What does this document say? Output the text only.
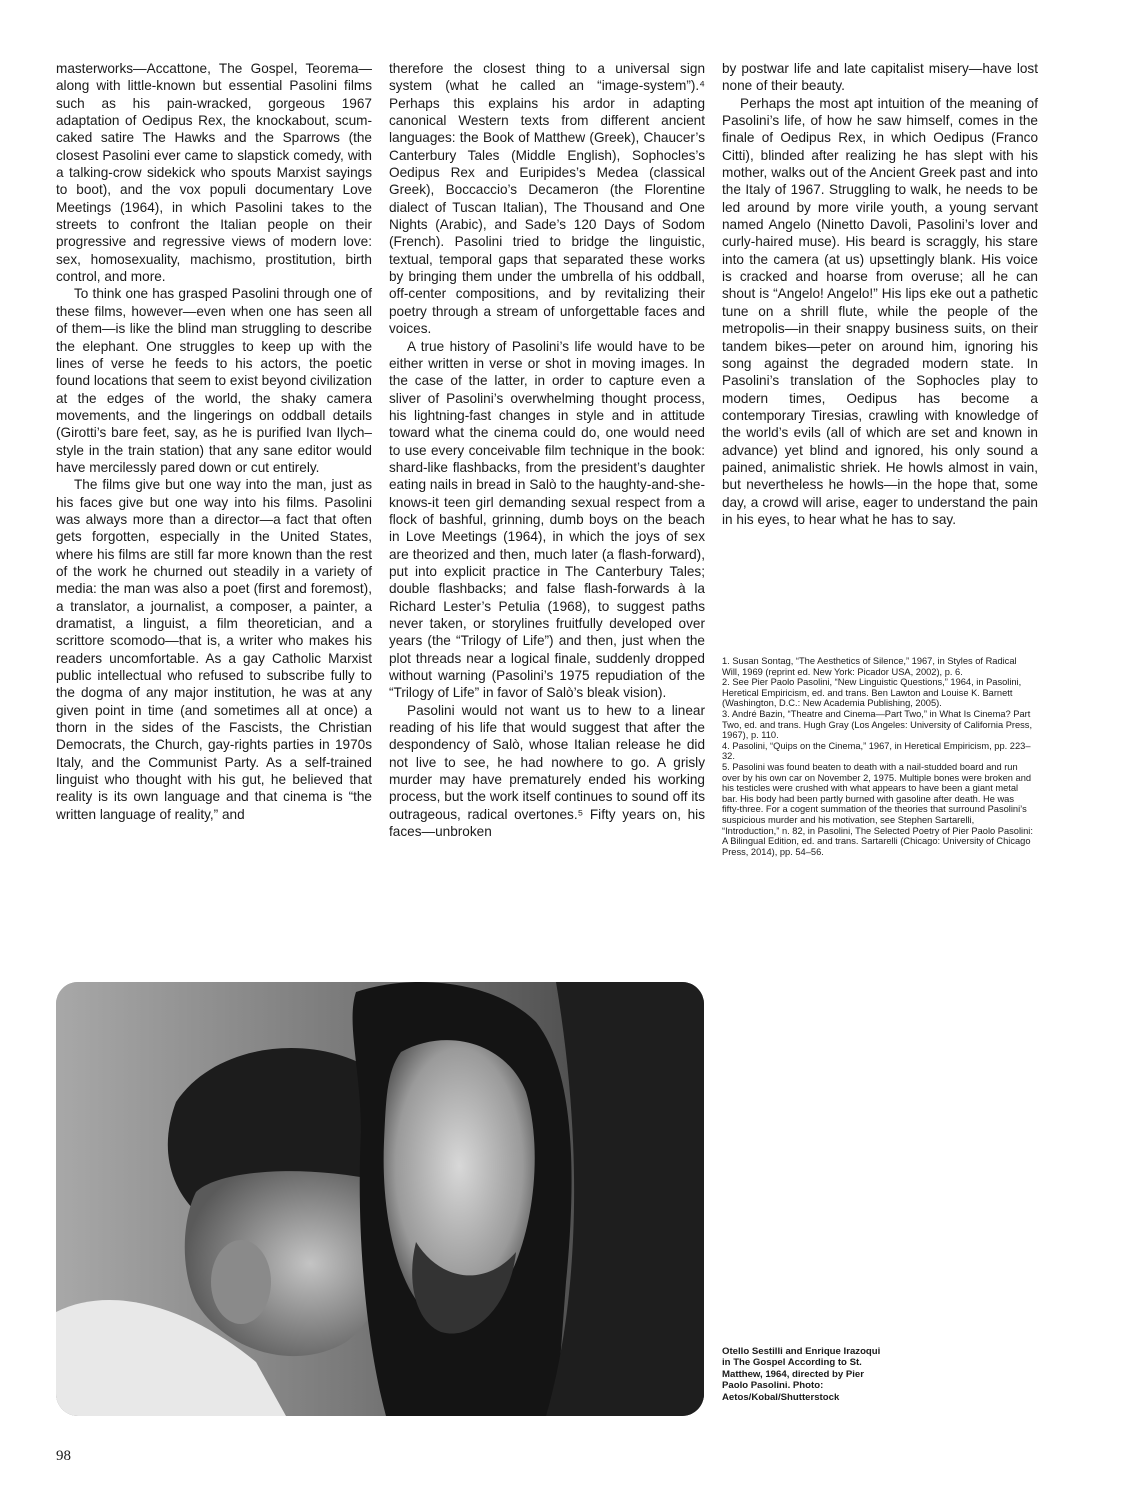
masterworks—Accattone, The Gospel, Teorema—along with little-known but essential Pasolini films such as his pain-wracked, gorgeous 1967 adaptation of Oedipus Rex, the knockabout, scum-caked satire The Hawks and the Sparrows (the closest Pasolini ever came to slapstick comedy, with a talking-crow sidekick who spouts Marxist sayings to boot), and the vox populi documentary Love Meetings (1964), in which Pasolini takes to the streets to confront the Italian people on their progressive and regressive views of modern love: sex, homosexuality, machismo, prostitution, birth control, and more.

To think one has grasped Pasolini through one of these films, however—even when one has seen all of them—is like the blind man struggling to describe the elephant. One struggles to keep up with the lines of verse he feeds to his actors, the poetic found locations that seem to exist beyond civilization at the edges of the world, the shaky camera movements, and the lingerings on oddball details (Girotti’s bare feet, say, as he is purified Ivan Ilych–style in the train station) that any sane editor would have mercilessly pared down or cut entirely.

The films give but one way into the man, just as his faces give but one way into his films. Pasolini was always more than a director—a fact that often gets forgotten, especially in the United States, where his films are still far more known than the rest of the work he churned out steadily in a variety of media: the man was also a poet (first and foremost), a translator, a journalist, a composer, a painter, a dramatist, a linguist, a film theoretician, and a scrittore scomodo—that is, a writer who makes his readers uncomfortable. As a gay Catholic Marxist public intellectual who refused to subscribe fully to the dogma of any major institution, he was at any given point in time (and sometimes all at once) a thorn in the sides of the Fascists, the Christian Democrats, the Church, gay-rights parties in 1970s Italy, and the Communist Party. As a self-trained linguist who thought with his gut, he believed that reality is its own language and that cinema is “the written language of reality,” and

therefore the closest thing to a universal sign system (what he called an “image-system”).⁴ Perhaps this explains his ardor in adapting canonical Western texts from different ancient languages: the Book of Matthew (Greek), Chaucer’s Canterbury Tales (Middle English), Sophocles’s Oedipus Rex and Euripides’s Medea (classical Greek), Boccaccio’s Decameron (the Florentine dialect of Tuscan Italian), The Thousand and One Nights (Arabic), and Sade’s 120 Days of Sodom (French). Pasolini tried to bridge the linguistic, textual, temporal gaps that separated these works by bringing them under the umbrella of his oddball, off-center compositions, and by revitalizing their poetry through a stream of unforgettable faces and voices.

A true history of Pasolini’s life would have to be either written in verse or shot in moving images. In the case of the latter, in order to capture even a sliver of Pasolini’s overwhelming thought process, his lightning-fast changes in style and in attitude toward what the cinema could do, one would need to use every conceivable film technique in the book: shard-like flashbacks, from the president’s daughter eating nails in bread in Salò to the haughty-and-she-knows-it teen girl demanding sexual respect from a flock of bashful, grinning, dumb boys on the beach in Love Meetings (1964), in which the joys of sex are theorized and then, much later (a flash-forward), put into explicit practice in The Canterbury Tales; double flashbacks; and false flash-forwards à la Richard Lester’s Petulia (1968), to suggest paths never taken, or storylines fruitfully developed over years (the “Trilogy of Life”) and then, just when the plot threads near a logical finale, suddenly dropped without warning (Pasolini’s 1975 repudiation of the “Trilogy of Life” in favor of Salò’s bleak vision).

Pasolini would not want us to hew to a linear reading of his life that would suggest that after the despondency of Salò, whose Italian release he did not live to see, he had nowhere to go. A grisly murder may have prematurely ended his working process, but the work itself continues to sound off its outrageous, radical overtones.⁵ Fifty years on, his faces—unbroken

by postwar life and late capitalist misery—have lost none of their beauty.

Perhaps the most apt intuition of the meaning of Pasolini’s life, of how he saw himself, comes in the finale of Oedipus Rex, in which Oedipus (Franco Citti), blinded after realizing he has slept with his mother, walks out of the Ancient Greek past and into the Italy of 1967. Struggling to walk, he needs to be led around by more virile youth, a young servant named Angelo (Ninetto Davoli, Pasolini’s lover and curly-haired muse). His beard is scraggly, his stare into the camera (at us) upsettingly blank. His voice is cracked and hoarse from overuse; all he can shout is “Angelo! Angelo!” His lips eke out a pathetic tune on a shrill flute, while the people of the metropolis—in their snappy business suits, on their tandem bikes—peter on around him, ignoring his song against the degraded modern state. In Pasolini’s translation of the Sophocles play to modern times, Oedipus has become a contemporary Tiresias, crawling with knowledge of the world’s evils (all of which are set and known in advance) yet blind and ignored, his only sound a pained, animalistic shriek. He howls almost in vain, but nevertheless he howls—in the hope that, some day, a crowd will arise, eager to understand the pain in his eyes, to hear what he has to say.

1. Susan Sontag, “The Aesthetics of Silence,” 1967, in Styles of Radical Will, 1969 (reprint ed. New York: Picador USA, 2002), p. 6.

2. See Pier Paolo Pasolini, “New Linguistic Questions,” 1964, in Pasolini, Heretical Empiricism, ed. and trans. Ben Lawton and Louise K. Barnett (Washington, D.C.: New Academia Publishing, 2005).

3. André Bazin, “Theatre and Cinema—Part Two,” in What Is Cinema? Part Two, ed. and trans. Hugh Gray (Los Angeles: University of California Press, 1967), p. 110.

4. Pasolini, “Quips on the Cinema,” 1967, in Heretical Empiricism, pp. 223–32.

5. Pasolini was found beaten to death with a nail-studded board and run over by his own car on November 2, 1975. Multiple bones were broken and his testicles were crushed with what appears to have been a giant metal bar. His body had been partly burned with gasoline after death. He was fifty-three. For a cogent summation of the theories that surround Pasolini’s suspicious murder and his motivation, see Stephen Sartarelli, “Introduction,” n. 82, in Pasolini, The Selected Poetry of Pier Paolo Pasolini: A Bilingual Edition, ed. and trans. Sartarelli (Chicago: University of Chicago Press, 2014), pp. 54–56.

Otello Sestilli and Enrique Irazoqui in The Gospel According to St. Matthew, 1964, directed by Pier Paolo Pasolini. Photo: Aetos/Kobal/Shutterstock
98
